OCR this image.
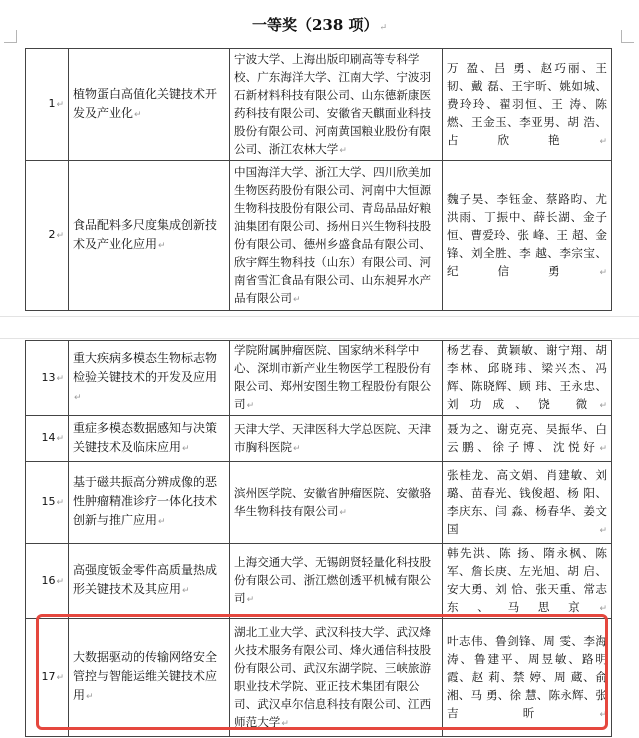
一等奖（238 项）↵
1↵	植物蛋白高值化关键技术开发及产业化↵	宁波大学、上海出版印刷高等专科学校、广东海洋大学、江南大学、宁波羽石新材料科技有限公司、山东德新康医药科技有限公司、安徽省天麒面业科技股份有限公司、河南黄国粮业股份有限公司、浙江农林大学↵	万 盈、吕 勇、赵巧丽、王 韧、戴 磊、王宇昕、姚如城、费玲玲、翟羽恒、王 涛、陈 燃、王金玉、李亚男、胡 浩、占欣艳↵
2↵	食品配料多尺度集成创新技术及产业化应用↵	中国海洋大学、浙江大学、四川欣美加生物医药股份有限公司、河南中大恒源生物科技股份有限公司、青岛品品好粮油集团有限公司、扬州日兴生物科技股份有限公司、德州乡盛食品有限公司、欣宇辉生物科技（山东）有限公司、河南省雪汇食品有限公司、山东昶昇水产品有限公司↵	魏子昊、李钰金、蔡路昀、尤洪雨、丁振中、薛长湖、金子恒、曹爱玲、张 峰、王 超、金 锋、刘全胜、李 越、李宗宝、纪信勇↵
13↵	重大疾病多模态生物标志物检验关键技术的开发及应用↵	学院附属肿瘤医院、国家纳米科学中心、深圳市新产业生物医学工程股份有限公司、郑州安图生物工程股份有限公司↵	杨艺春、黄颖敏、谢宁翔、胡李林、邱晓玮、梁兴杰、冯 辉、陈晓辉、顾 玮、王永忠、刘功成、饶 微↵
14↵	重症多模态数据感知与决策关键技术及临床应用↵	天津大学、天津医科大学总医院、天津市胸科医院↵	聂为之、谢克亮、吴振华、白云鹏、徐子博、沈悦好↵
15↵	基于磁共振高分辨成像的恶性肿瘤精准诊疗一体化技术创新与推广应用↵	滨州医学院、安徽省肿瘤医院、安徽骆华生物科技有限公司↵	张桂龙、高文娟、肖建敏、刘 璐、苗春光、钱俊超、杨 阳、李庆东、闫 淼、杨春华、姜文国↵
16↵	高强度钣金零件高质量热成形关键技术及其应用↵	上海交通大学、无锡朗贤轻量化科技股份有限公司、浙江燃创透平机械有限公司↵	韩先洪、陈 扬、隋永枫、陈 军、詹长庚、左光旭、胡 启、安大勇、刘 恰、张天重、常志东、马思京↵
17↵	大数据驱动的传输网络安全管控与智能运维关键技术应用↵	湖北工业大学、武汉科技大学、武汉烽火技术服务有限公司、烽火通信科技股份有限公司、武汉东湖学院、三峡旅游职业技术学院、亚正技术集团有限公司、武汉卓尔信息科技有限公司、江西师范大学↵	叶志伟、鲁剑锋、周 雯、李海涛、鲁建平、周昱敏、路明霞、赵 莉、禁 婷、周 蔵、俞 湘、马 勇、徐 慧、陈永辉、张吉昕↵
